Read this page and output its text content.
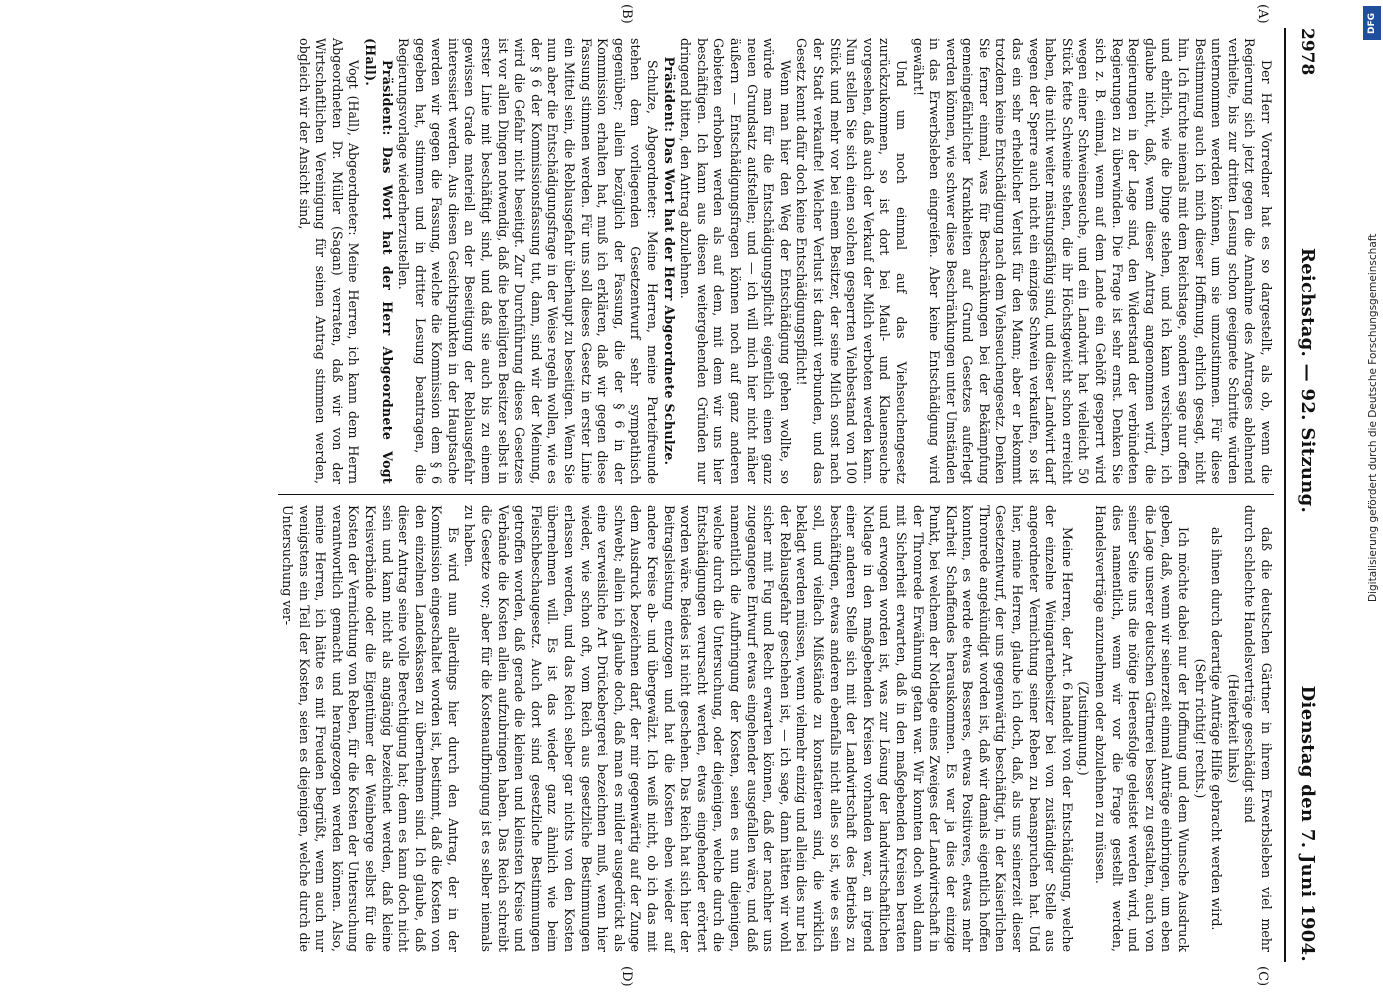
2978
Reichstag. — 92. Sitzung.
Dienstag den 7. Juni 1904.
(A)
(B)
(C)
(D)

Der Herr Vorredner hat es so dargestellt, als ob, wenn die Regierung sich jetzt gegen die Annahme des Antrages ablehnend verhielte, bis zur dritten Lesung schon geeignete Schritte würden unternommen werden können, um sie umzustimmen. Für diese Bestimmung auch ich mich dieser Hoffnung, ehrlich gesagt, nicht hin. Ich fürchte niemals mit dem Reichstage, sondern sage nur offen und ehrlich, wie die Dinge stehen, und ich kann versichern, ich glaube nicht, daß, wenn dieser Antrag angenommen wird, die Regierungen in der Lage sind, den Widerstand der verbündeten Regierungen zu überwinden. Die Frage ist sehr ernst. Denken Sie sich z. B. einmal, wenn auf dem Lande ein Gehöft gesperrt wird wegen einer Schweineseuche, und ein Landwirt hat vielleicht 50 Stück fette Schweine stehen, die ihr Höchstgewicht schon erreicht haben, die nicht weiter mästungsfähig sind, und dieser Landwirt darf wegen der Sperre auch nicht ein einziges Schwein verkaufen, so ist das ein sehr erheblicher Verlust für den Mann; aber er bekommt trotzdem keine Entschädigung nach dem Viehseuchengesetz. Denken Sie ferner einmal, was für Beschränkungen bei der Bekämpfung gemeingefährlicher Krankheiten auf Grund Gesetzes auferlegt werden können, wie schwer diese Beschränkungen unter Umständen in das Erwerbsleben eingreifen. Aber keine Entschädigung wird gewährt!

Und um noch einmal auf das Viehseuchengesetz zurückzukommen, so ist dort bei Maul- und Klauenseuche vorgesehen, daß auch der Verkauf der Milch verboten werden kann. Nun stellen Sie sich einen solchen gesperrten Viehbestand von 100 Stück und mehr vor bei einem Besitzer, der seine Milch sonst nach der Stadt verkaufte! Welcher Verlust ist damit verbunden, und das Gesetz kennt dafür doch keine Entschädigungspflicht!

Wenn man hier den Weg der Entschädigung gehen wollte, so würde man für die Entschädigungspflicht eigentlich einen ganz neuen Grundsatz aufstellen; und — ich will mich hier nicht näher äußern — Entschädigungsfragen können noch auf ganz anderen Gebieten erhoben werden als auf dem, mit dem wir uns hier beschäftigen. Ich kann aus diesen weitergehenden Gründen nur dringend bitten, den Antrag abzulehnen.

Präsident: Das Wort hat der Herr Abgeordnete Schulze.

Schulze, Abgeordneter: Meine Herren, meine Parteifreunde stehen dem vorliegenden Gesetzentwurf sehr sympathisch gegenüber; allein bezüglich der Fassung, die der § 6 in der Kommission erhalten hat, muß ich erklären, daß wir gegen diese Fassung stimmen werden. Für uns soll dieses Gesetz in erster Linie ein Mittel sein, die Reblausgefahr überhaupt zu beseitigen. Wenn Sie nun aber die Entschädigungsfrage in der Weise regeln wollen, wie es der § 6 der Kommissionsfassung tut, dann, sind wir der Meinung, wird die Gefahr nicht beseitigt. Zur Durchführung dieses Gesetzes ist vor allen Dingen notwendig, daß die beteiligten Besitzer selbst in erster Linie mit beschäftigt sind, und daß sie auch bis zu einem gewissen Grade materiell an der Beseitigung der Reblausgefahr interessiert werden. Aus diesen Gesichtspunkten in der Hauptsache werden wir gegen die Fassung, welche die Kommission dem § 6 gegeben hat, stimmen und in dritter Lesung beantragen, die Regierungsvorlage wiederherzustellen.

Präsident: Das Wort hat der Herr Abgeordnete Vogt (Hall).

Vogt (Hall), Abgeordneter: Meine Herren, ich kann dem Herrn Abgeordneten Dr. Müller (Sagan) verraten, daß wir von der Wirtschaftlichen Vereinigung für seinen Antrag stimmen werden, obgleich wir der Ansicht sind,

daß die deutschen Gärtner in ihrem Erwerbsleben viel mehr durch schlechte Handelsverträge geschädigt sind

(Heiterkeit links)

als ihnen durch derartige Anträge Hilfe gebracht werden wird.

(Sehr richtig! rechts.)

Ich möchte dabei nur der Hoffnung und dem Wunsche Ausdruck geben, daß, wenn wir seinerzeit einmal Anträge einbringen, um eben die Lage unserer deutschen Gärtnerei besser zu gestalten, auch von seiner Seite uns die nötige Heeresfolge geleistet werden wird, und dies namentlich, wenn wir vor die Frage gestellt werden, Handelsverträge anzunehmen oder abzulehnen zu müssen.

(Zustimmung.)

Meine Herren, der Art. 6 handelt von der Entschädigung, welche der einzelne Weingartenbesitzer bei von zuständiger Stelle aus angeordneter Vernichtung seiner Reben zu beanspruchen hat. Und hier, meine Herren, glaube ich doch, daß, als uns seinerzeit dieser Gesetzentwurf, der uns gegenwärtig beschäftigt, in der Kaiserlichen Thronrede angekündigt worden ist, daß wir damals eigentlich hoffen konnten, es werde etwas Besseres, etwas Positiveres, etwas mehr Klarheit Schaffendes herauskommen. Es war ja dies der einzige Punkt, bei welchem der Notlage eines Zweiges der Landwirtschaft in der Thronrede Erwähnung getan war. Wir konnten doch wohl dann mit Sicherheit erwarten, daß in den maßgebenden Kreisen beraten und erwogen worden ist, was zur Lösung der landwirtschaftlichen Notlage in den maßgebenden Kreisen vorhanden war, an irgend einer anderen Stelle sich mit der Landwirtschaft des Betriebs zu beschäftigen, etwas anderen ebenfalls nicht alles so ist, wie es sein soll, und vielfach Mißstände zu konstatieren sind, die wirklich beklagt werden müssen, wenn vielmehr einzig und allein dies nur bei der Reblausgefahr geschehen ist, — ich sage, dann hätten wir wohl sicher mit Fug und Recht erwarten können, daß der nachher uns zugegangene Entwurf etwas eingehender ausgefallen wäre, und daß namentlich die Aufbringung der Kosten, seien es nun diejenigen, welche durch die Untersuchung, oder diejenigen, welche durch die Entschädigungen verursacht werden, etwas eingehender erörtert worden wäre. Beides ist nicht geschehen. Das Reich hat sich hier der Beitragsleistung entzogen und hat die Kosten eben wieder auf andere Kreise ab- und übergewälzt. Ich weiß nicht, ob ich das mit dem Ausdruck bezeichnen darf, der mir gegenwärtig auf der Zunge schwebt; allein ich glaube doch, daß man es milder ausgedrückt als eine verweisliche Art Drückebergerei bezeichnen muß, wenn hier wieder, wie schon oft, vom Reich aus gesetzliche Bestimmungen erlassen werden, und das Reich selber gar nichts von den Kosten übernehmen will. Es ist das wieder ganz ähnlich wie beim Fleischbeschaugesetz. Auch dort sind gesetzliche Bestimmungen getroffen worden, daß gerade die kleinen und kleinsten Kreise und Verbände die Kosten allein aufzubringen haben. Das Reich schreibt die Gesetze vor; aber für die Kostenaufbringung ist es selber niemals zu haben.

Es wird nun allerdings hier durch den Antrag, der in der Kommission eingeschaltet worden ist, bestimmt, daß die Kosten von den einzelnen Landeskassen zu übernehmen sind. Ich glaube, daß dieser Antrag seine volle Berechtigung hat; denn es kann doch nicht sein und kann nicht als angängig bezeichnet werden, daß kleine Kreisverbände oder die Eigentümer der Weinberge selbst für die Kosten der Vernichtung von Reben, für die Kosten der Untersuchung verantwortlich gemacht und herangezogen werden können. Also, meine Herren, ich hätte es mit Freuden begrüßt, wenn auch nur wenigstens ein Teil der Kosten, seien es diejenigen, welche durch die Untersuchung ver-	Digitalisierung gefördert durch die Deutsche Forschungsgemeinschaft
DFG
